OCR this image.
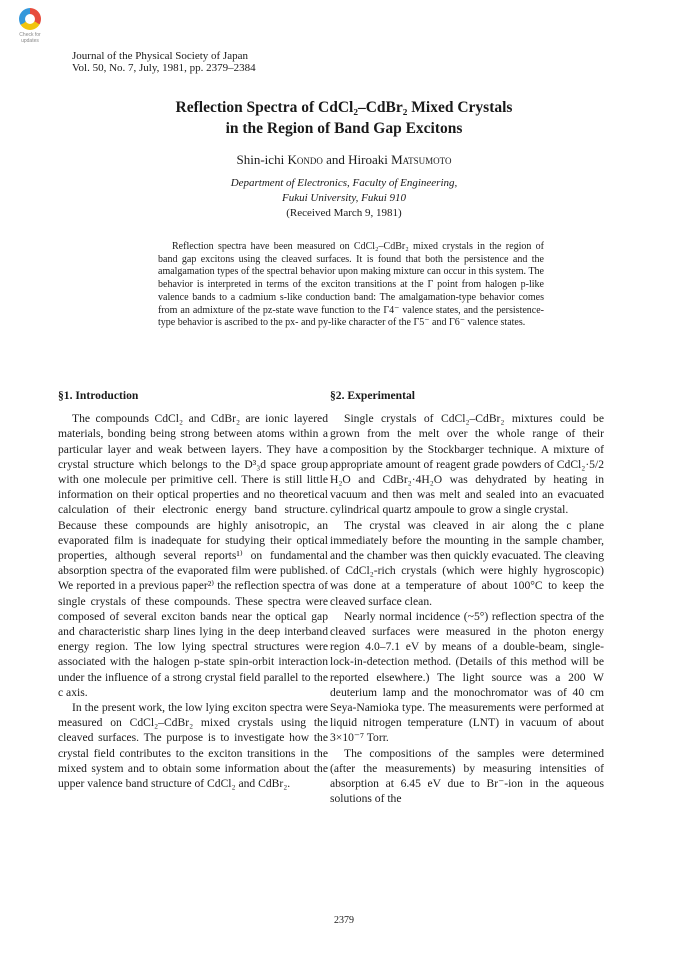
Check for updates
Journal of the Physical Society of Japan
Vol. 50, No. 7, July, 1981, pp. 2379–2384
Reflection Spectra of CdCl₂–CdBr₂ Mixed Crystals
in the Region of Band Gap Excitons
Shin-ichi Kondo and Hiroaki Matsumoto
Department of Electronics, Faculty of Engineering,
Fukui University, Fukui 910
(Received March 9, 1981)

Reflection spectra have been measured on CdCl₂–CdBr₂ mixed crystals in the region of band gap excitons using the cleaved surfaces. It is found that both the persistence and the amalgamation types of the spectral behavior upon making mixture can occur in this system. The behavior is interpreted in terms of the exciton transitions at the Γ point from halogen p-like valence bands to a cadmium s-like conduction band: The amalgamation-type behavior comes from an admixture of the pz-state wave function to the Γ4⁻ valence states, and the persistence-type behavior is ascribed to the px- and py-like character of the Γ5⁻ and Γ6⁻ valence states.

§1. Introduction

The compounds CdCl₂ and CdBr₂ are ionic layered materials, bonding being strong between atoms within a particular layer and weak between layers. They have a crystal structure which belongs to the D³₃d space group with one molecule per primitive cell. There is still little information on their optical properties and no theoretical calculation of their electronic energy band structure. Because these compounds are highly anisotropic, an evaporated film is inadequate for studying their optical properties, although several reports¹⁾ on fundamental absorption spectra of the evaporated film were published. We reported in a previous paper²⁾ the reflection spectra of single crystals of these compounds. These spectra were composed of several exciton bands near the optical gap and characteristic sharp lines lying in the deep interband energy region. The low lying spectral structures were associated with the halogen p-state spin-orbit interaction under the influence of a strong crystal field parallel to the c axis.

In the present work, the low lying exciton spectra were measured on CdCl₂–CdBr₂ mixed crystals using the cleaved surfaces. The purpose is to investigate how the crystal field contributes to the exciton transitions in the mixed system and to obtain some information about the upper valence band structure of CdCl₂ and CdBr₂.

§2. Experimental

Single crystals of CdCl₂–CdBr₂ mixtures could be grown from the melt over the whole range of their composition by the Stockbarger technique. A mixture of appropriate amount of reagent grade powders of CdCl₂·5/2 H₂O and CdBr₂·4H₂O was dehydrated by heating in vacuum and then was melt and sealed into an evacuated cylindrical quartz ampoule to grow a single crystal.

The crystal was cleaved in air along the c plane immediately before the mounting in the sample chamber, and the chamber was then quickly evacuated. The cleaving of CdCl₂-rich crystals (which were highly hygroscopic) was done at a temperature of about 100°C to keep the cleaved surface clean.

Nearly normal incidence (~5°) reflection spectra of the cleaved surfaces were measured in the photon energy region 4.0–7.1 eV by means of a double-beam, single-lock-in-detection method. (Details of this method will be reported elsewhere.) The light source was a 200 W deuterium lamp and the monochromator was of 40 cm Seya-Namioka type. The measurements were performed at liquid nitrogen temperature (LNT) in vacuum of about 3×10⁻⁷ Torr.

The compositions of the samples were determined (after the measurements) by measuring intensities of absorption at 6.45 eV due to Br⁻-ion in the aqueous solutions of the

2379
